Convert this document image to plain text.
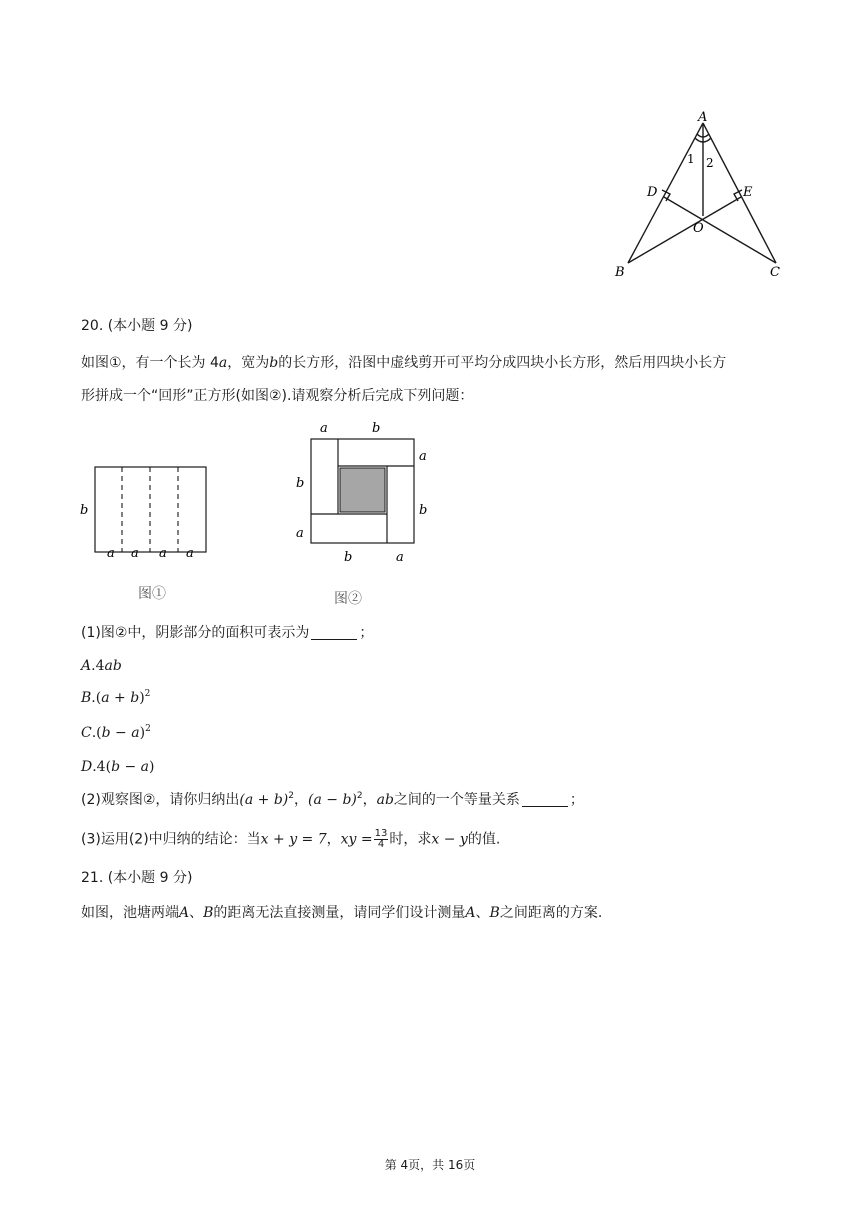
A
B	C
D	E
O
1 2
20. (本小题 9 分)
如图①，有一个长为 4a，宽为b的长方形，沿图中虚线剪开可平均分成四块小长方形，然后用四块小长方
形拼成一个“回形”正方形(如图②).请观察分析后完成下列问题：
b
a a a a
图①
a	b
b
a
a
b
b	a
图②
(1)图②中，阴影部分的面积可表示为	；
A.4ab
$B.(a + b)^2$
$C.(b - a)^2$
D.4(b − a)
(2)观察图②，请你归纳出$(a + b)^2$，$(a - b)^2$，ab之间的一个等量关系	；
(3)运用(2)中归纳的结论：当x + y = 7，xy = $\frac{13}{4}$ 时，求x − y的值.
21. (本小题 9 分)
如图，池塘两端A、B的距离无法直接测量，请同学们设计测量A、B之间距离的方案.
第 4页，共 16页
